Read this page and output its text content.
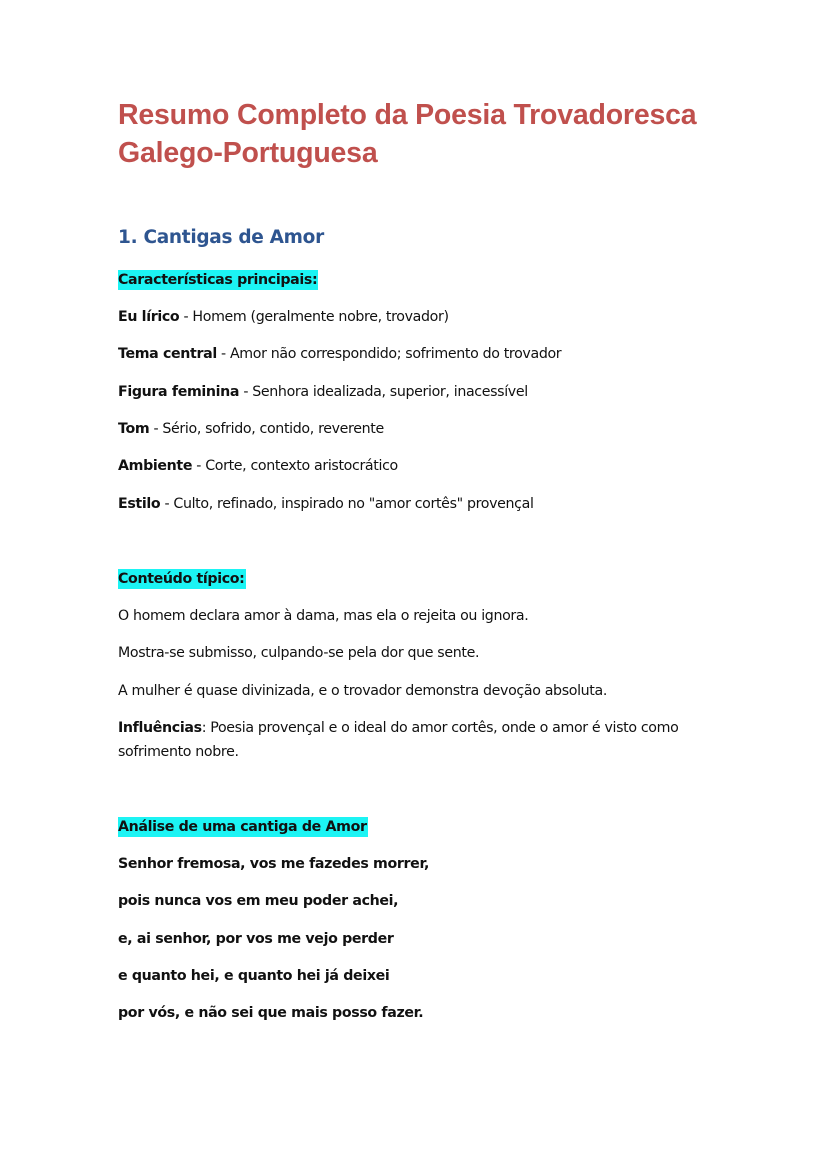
Resumo Completo da Poesia Trovadoresca
Galego-Portuguesa
1. Cantigas de Amor

Características principais:

Eu lírico - Homem (geralmente nobre, trovador)

Tema central - Amor não correspondido; sofrimento do trovador

Figura feminina - Senhora idealizada, superior, inacessível

Tom - Sério, sofrido, contido, reverente

Ambiente - Corte, contexto aristocrático

Estilo - Culto, refinado, inspirado no "amor cortês" provençal

Conteúdo típico:

O homem declara amor à dama, mas ela o rejeita ou ignora.

Mostra-se submisso, culpando-se pela dor que sente.

A mulher é quase divinizada, e o trovador demonstra devoção absoluta.

Influências: Poesia provençal e o ideal do amor cortês, onde o amor é visto como sofrimento nobre.

Análise de uma cantiga de Amor

Senhor fremosa, vos me fazedes morrer,

pois nunca vos em meu poder achei,

e, ai senhor, por vos me vejo perder

e quanto hei, e quanto hei já deixei

por vós, e não sei que mais posso fazer.
